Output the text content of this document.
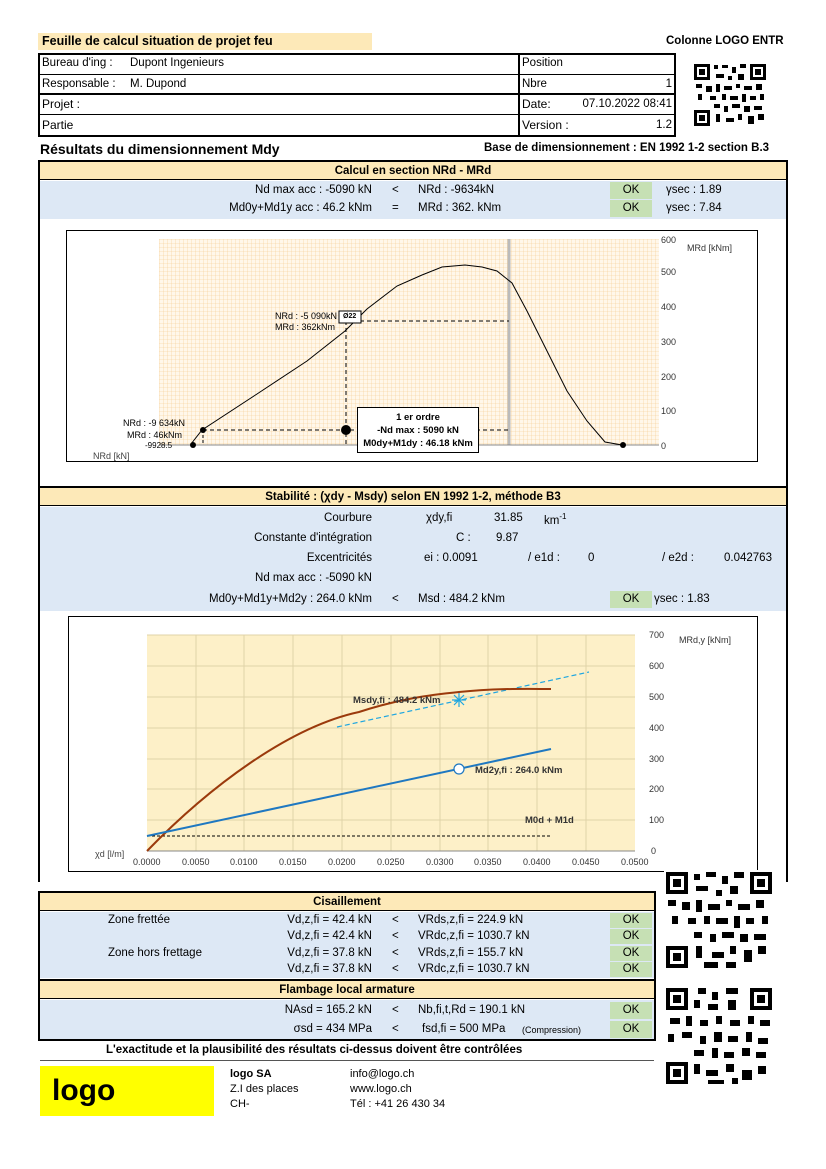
Feuille de calcul situation de projet feu	Colonne LOGO ENTR
Bureau d'ing : Dupont Ingenieurs
Responsable : M. Dupond
Projet :
Partie
Position
Nbre	1
Date:	07.10.2022 08:41
Version :	1.2
Résultats du dimensionnement Mdy	Base de dimensionnement : EN 1992 1-2 section B.3
Calcul en section NRd - MRd
Nd max acc : -5090 kN < NRd : -9634kN	OK	γsec : 1.89
Md0y+Md1y acc : 46.2 kNm = MRd : 362. kNm	OK	γsec : 7.84
NRd : -5 090kN
MRd : 362kNm
Ø22
NRd : -9 634kN
MRd : 46kNm
-9928.5
1 er ordre
-Nd max : 5090 kN
M0dy+M1dy : 46.18 kNm
NRd [kN]
MRd [kNm]
600
500
400
300
200
100
0
Stabilité : (χdy - Msdy) selon EN 1992 1-2, méthode B3
Courbure	χdy,fi	31.85 $km^{-1}$
Constante d'intégration	C : 9.87
Excentricités	ei : 0.0091	/ e1d : 0	/ e2d :	0.042763
Nd max acc : -5090 kN
Md0y+Md1y+Md2y : 264.0 kNm < Msd : 484.2 kNm	OK	γsec : 1.83
Msdy,fi : 484.2 kNm
Md2y,fi : 264.0 kNm
M0d + M1d
χd [l/m]
MRd,y [kNm]
700
600
500
400
300
200
100
0
0.0000 0.0050 0.0100 0.0150 0.0200 0.0250 0.0300 0.0350 0.0400 0.0450 0.0500
Cisaillement
Zone frettée	Vd,z,fi = 42.4 kN < VRds,z,fi = 224.9 kN	OK
Vd,z,fi = 42.4 kN < VRdc,z,fi = 1030.7 kN	OK
Zone hors frettage	Vd,z,fi = 37.8 kN < VRds,z,fi = 155.7 kN	OK
Vd,z,fi = 37.8 kN < VRdc,z,fi = 1030.7 kN	OK
Flambage local armature
NAsd = 165.2 kN < Nb,fi,t,Rd = 190.1 kN	OK
σsd = 434 MPa < fsd,fi = 500 MPa (Compression)	OK
L'exactitude et la plausibilité des résultats ci-dessus doivent être contrôlées
logo	logo SA
Z.I des places
CH-
info@logo.ch
www.logo.ch
Tél : +41 26 430 34
